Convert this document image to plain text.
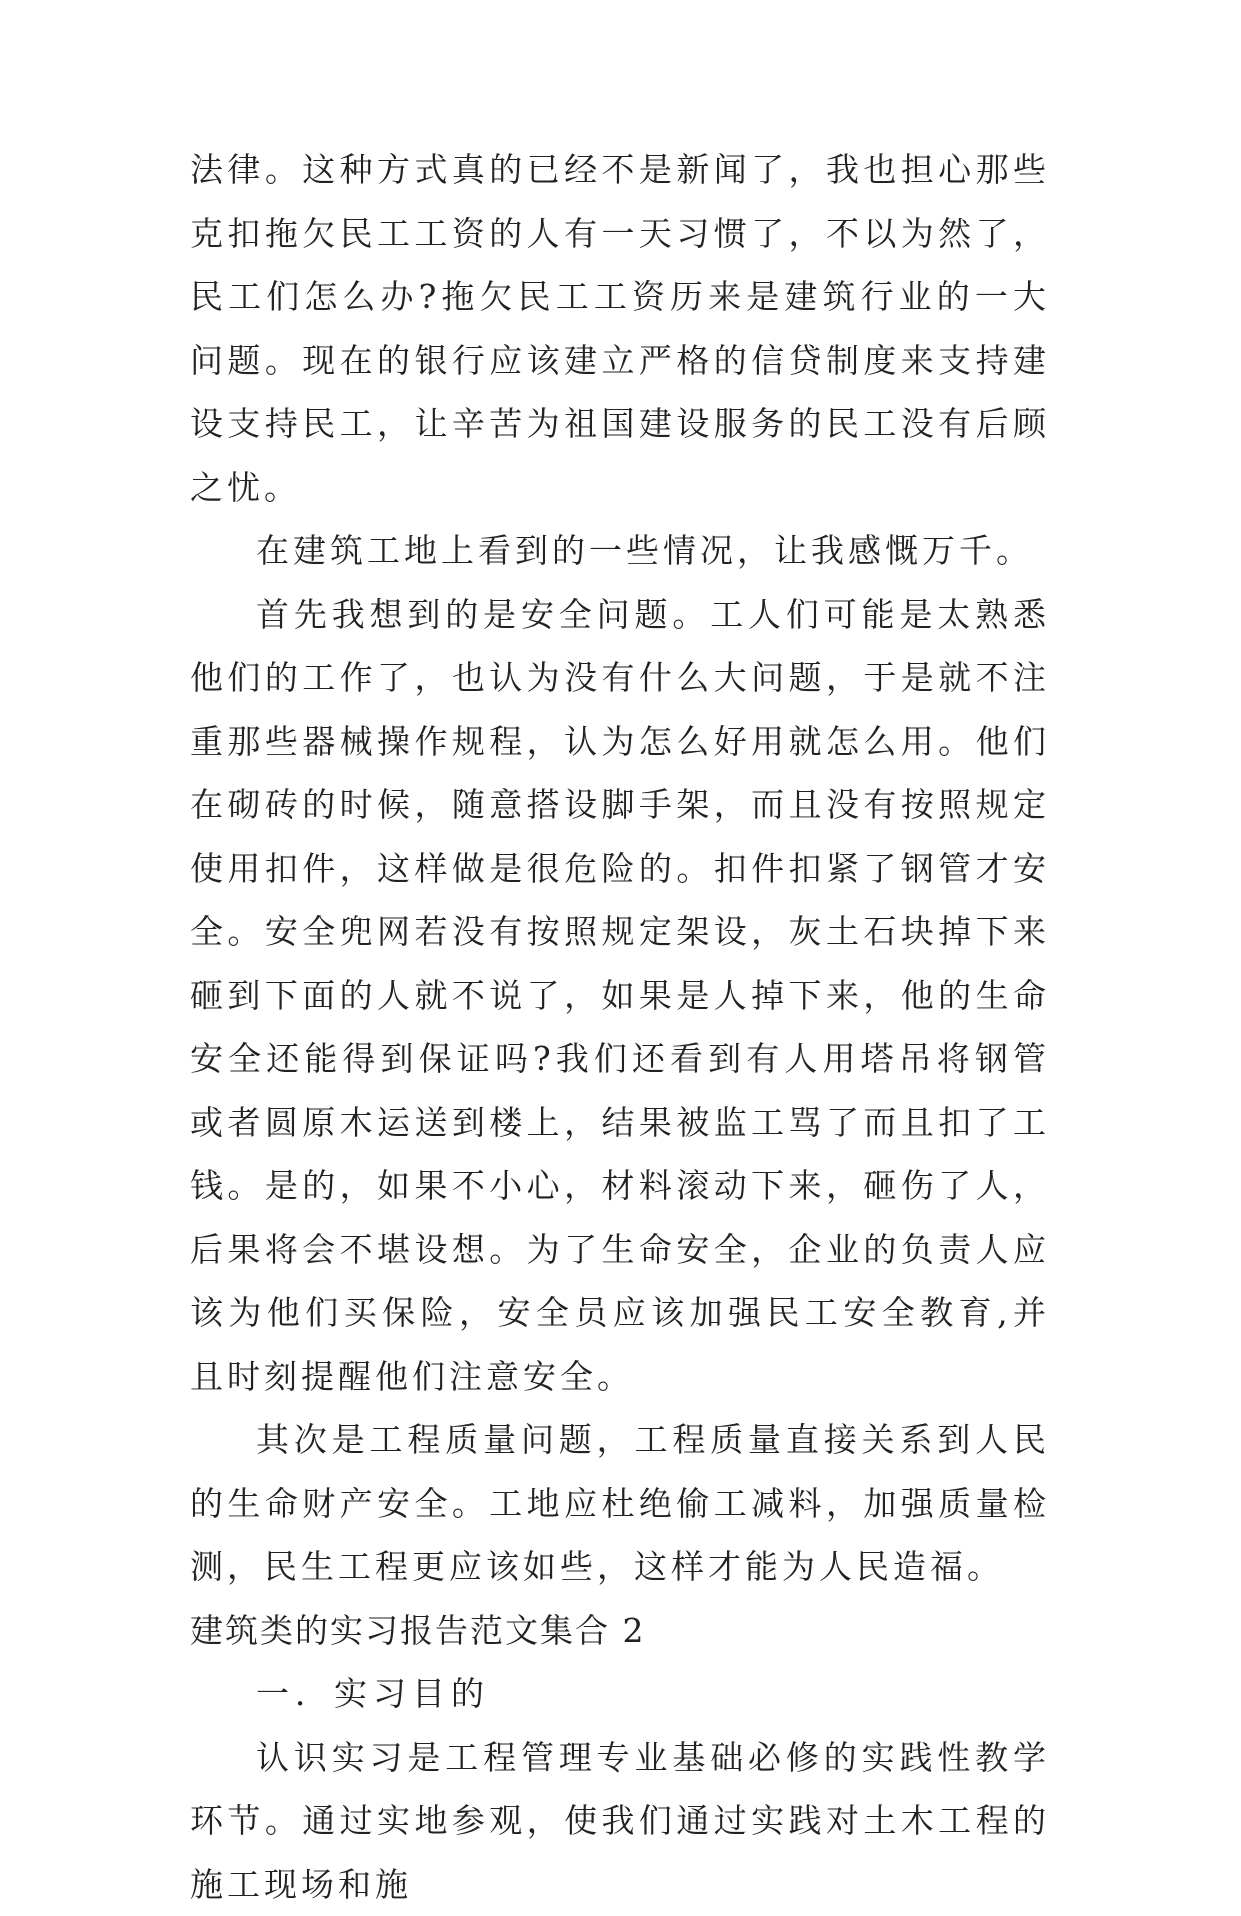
法律。这种方式真的已经不是新闻了，我也担心那些克扣拖欠民工工资的人有一天习惯了，不以为然了，民工们怎么办?拖欠民工工资历来是建筑行业的一大问题。现在的银行应该建立严格的信贷制度来支持建设支持民工，让辛苦为祖国建设服务的民工没有后顾之忧。

在建筑工地上看到的一些情况，让我感慨万千。

首先我想到的是安全问题。工人们可能是太熟悉他们的工作了，也认为没有什么大问题，于是就不注重那些器械操作规程，认为怎么好用就怎么用。他们在砌砖的时候，随意搭设脚手架，而且没有按照规定使用扣件，这样做是很危险的。扣件扣紧了钢管才安全。安全兜网若没有按照规定架设，灰土石块掉下来砸到下面的人就不说了，如果是人掉下来，他的生命安全还能得到保证吗?我们还看到有人用塔吊将钢管或者圆原木运送到楼上，结果被监工骂了而且扣了工钱。是的，如果不小心，材料滚动下来，砸伤了人，后果将会不堪设想。为了生命安全，企业的负责人应该为他们买保险，安全员应该加强民工安全教育,并且时刻提醒他们注意安全。

其次是工程质量问题，工程质量直接关系到人民的生命财产安全。工地应杜绝偷工减料，加强质量检测，民生工程更应该如些，这样才能为人民造福。

建筑类的实习报告范文集合 2

一．实习目的

认识实习是工程管理专业基础必修的实践性教学环节。通过实地参观，使我们通过实践对土木工程的施工现场和施
